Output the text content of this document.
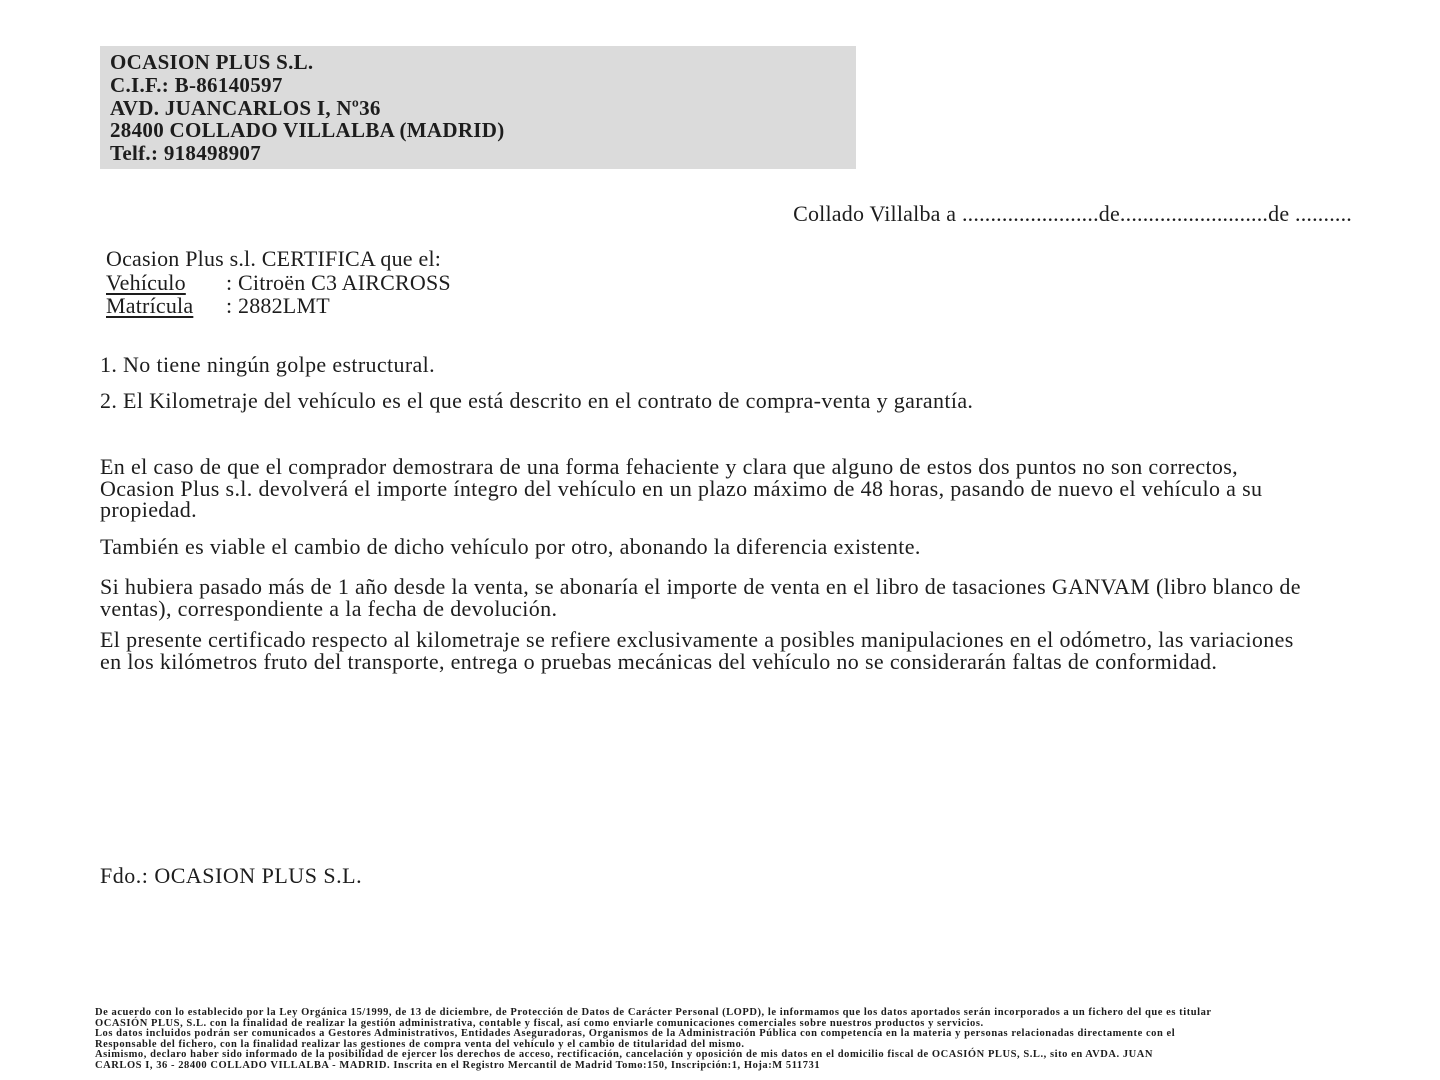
OCASION PLUS S.L.
C.I.F.: B-86140597
AVD. JUANCARLOS I, Nº36
28400 COLLADO VILLALBA (MADRID)
Telf.: 918498907
Collado Villalba a ........................de..........................de ..........
Ocasion Plus s.l. CERTIFICA que el:
Vehículo : Citroën C3 AIRCROSS
Matrícula : 2882LMT
1. No tiene ningún golpe estructural.
2. El Kilometraje del vehículo es el que está descrito en el contrato de compra-venta y garantía.
En el caso de que el comprador demostrara de una forma fehaciente y clara que alguno de estos dos puntos no son correctos, Ocasion Plus s.l. devolverá el importe íntegro del vehículo en un plazo máximo de 48 horas, pasando de nuevo el vehículo a su propiedad.
También es viable el cambio de dicho vehículo por otro, abonando la diferencia existente.
Si hubiera pasado más de 1 año desde la venta, se abonaría el importe de venta en el libro de tasaciones GANVAM (libro blanco de ventas), correspondiente a la fecha de devolución.
El presente certificado respecto al kilometraje se refiere exclusivamente a posibles manipulaciones en el odómetro, las variaciones en los kilómetros fruto del transporte, entrega o pruebas mecánicas del vehículo no se considerarán faltas de conformidad.
Fdo.: OCASION PLUS S.L.
De acuerdo con lo establecido por la Ley Orgánica 15/1999, de 13 de diciembre, de Protección de Datos de Carácter Personal (LOPD), le informamos que los datos aportados serán incorporados a un fichero del que es titular
OCASIÓN PLUS, S.L. con la finalidad de realizar la gestión administrativa, contable y fiscal, así como enviarle comunicaciones comerciales sobre nuestros productos y servicios.
Los datos incluidos podrán ser comunicados a Gestores Administrativos, Entidades Aseguradoras, Organismos de la Administración Pública con competencia en la materia y personas relacionadas directamente con el
Responsable del fichero, con la finalidad realizar las gestiones de compra venta del vehículo y el cambio de titularidad del mismo.
Asimismo, declaro haber sido informado de la posibilidad de ejercer los derechos de acceso, rectificación, cancelación y oposición de mis datos en el domicilio fiscal de OCASIÓN PLUS, S.L., sito en AVDA. JUAN
CARLOS I, 36 - 28400 COLLADO VILLALBA - MADRID. Inscrita en el Registro Mercantil de Madrid Tomo:150, Inscripción:1, Hoja:M 511731
